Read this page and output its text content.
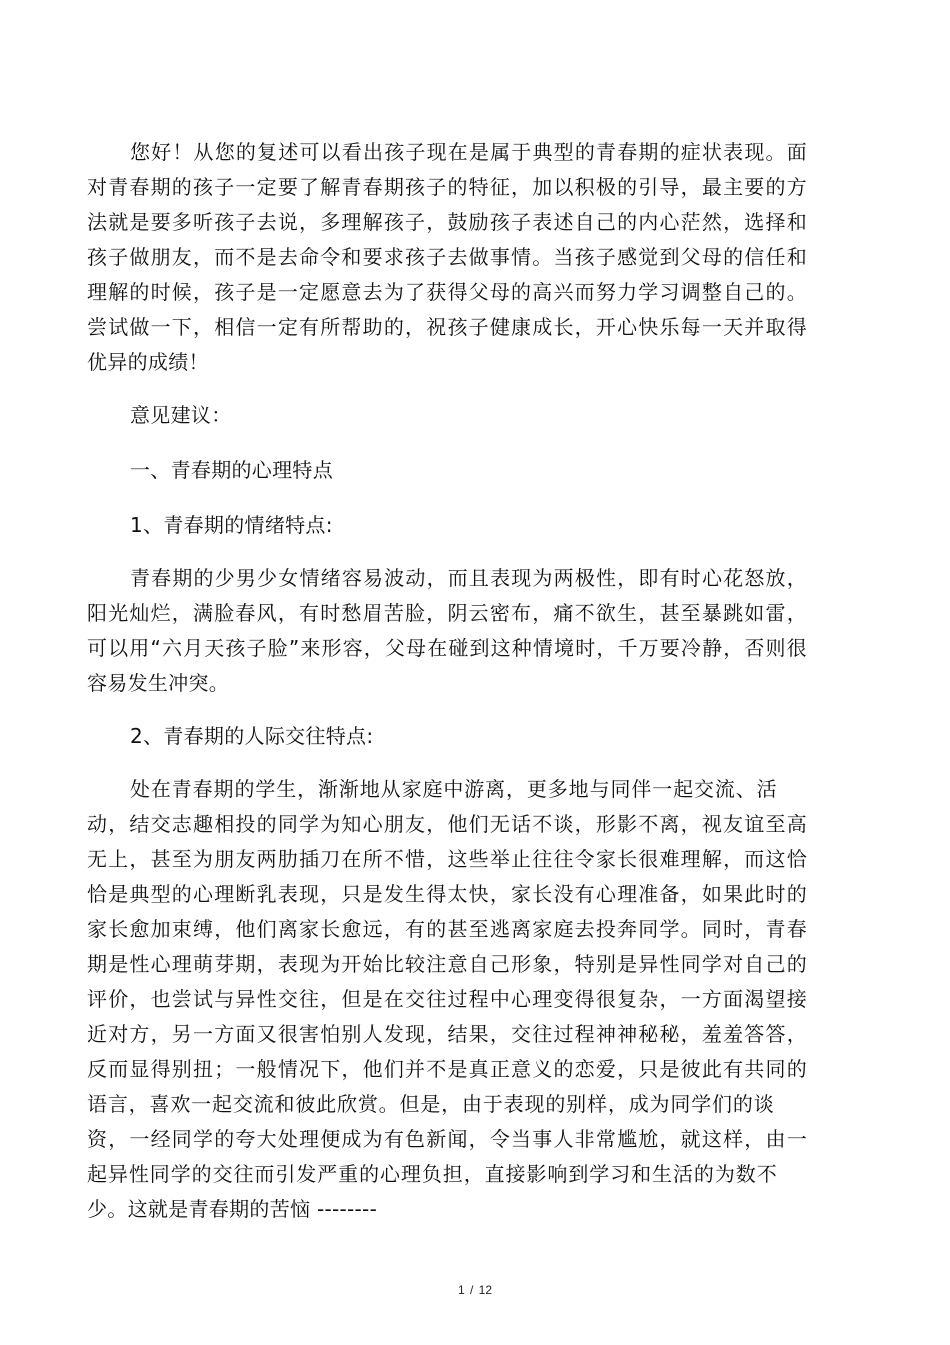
您好！从您的复述可以看出孩子现在是属于典型的青春期的症状表现。面
对青春期的孩子一定要了解青春期孩子的特征，加以积极的引导，最主要的方
法就是要多听孩子去说，多理解孩子，鼓励孩子表述自己的内心茫然，选择和
孩子做朋友，而不是去命令和要求孩子去做事情。当孩子感觉到父母的信任和
理解的时候，孩子是一定愿意去为了获得父母的高兴而努力学习调整自己的。
尝试做一下，相信一定有所帮助的，祝孩子健康成长，开心快乐每一天并取得
优异的成绩！
意见建议：
一、青春期的心理特点
1、青春期的情绪特点:
青春期的少男少女情绪容易波动，而且表现为两极性，即有时心花怒放，
阳光灿烂，满脸春风，有时愁眉苦脸，阴云密布，痛不欲生，甚至暴跳如雷，
可以用“六月天孩子脸”来形容，父母在碰到这种情境时，千万要冷静，否则很
容易发生冲突。
2、青春期的人际交往特点:
处在青春期的学生，渐渐地从家庭中游离，更多地与同伴一起交流、活
动，结交志趣相投的同学为知心朋友，他们无话不谈，形影不离，视友谊至高
无上，甚至为朋友两肋插刀在所不惜，这些举止往往令家长很难理解，而这恰
恰是典型的心理断乳表现，只是发生得太快，家长没有心理准备，如果此时的
家长愈加束缚，他们离家长愈远，有的甚至逃离家庭去投奔同学。同时，青春
期是性心理萌芽期，表现为开始比较注意自己形象，特别是异性同学对自己的
评价，也尝试与异性交往，但是在交往过程中心理变得很复杂，一方面渴望接
近对方，另一方面又很害怕别人发现，结果，交往过程神神秘秘，羞羞答答，
反而显得别扭；一般情况下，他们并不是真正意义的恋爱，只是彼此有共同的
语言，喜欢一起交流和彼此欣赏。但是，由于表现的别样，成为同学们的谈
资，一经同学的夸大处理便成为有色新闻，令当事人非常尴尬，就这样，由一
起异性同学的交往而引发严重的心理负担，直接影响到学习和生活的为数不
少。这就是青春期的苦恼 --------
1 / 12
